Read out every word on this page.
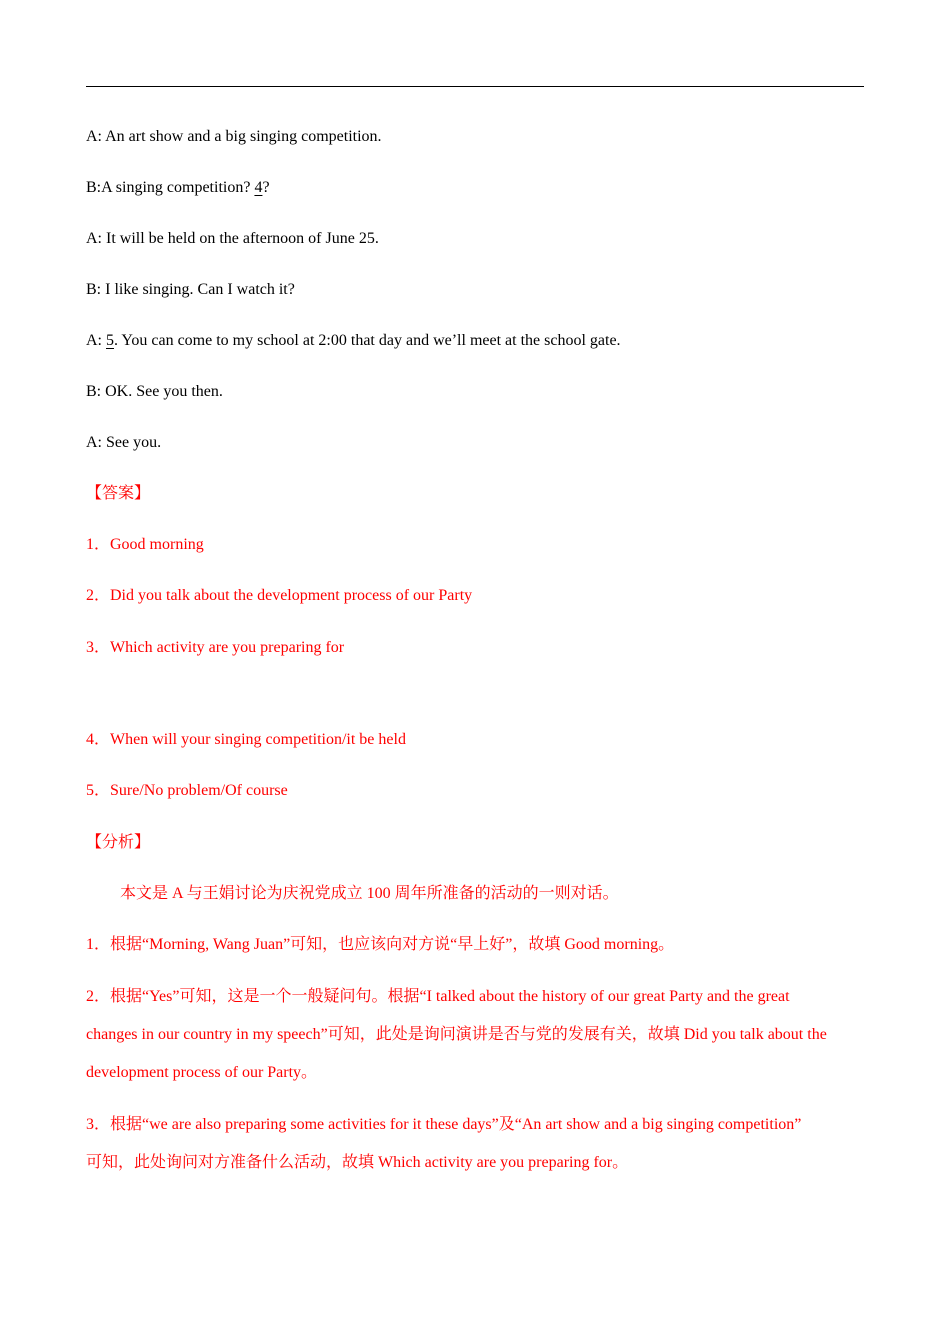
A: An art show and a big singing competition.
B:A singing competition? 4?
A: It will be held on the afternoon of June 25.
B: I like singing. Can I watch it?
A: 5. You can come to my school at 2:00 that day and we’ll meet at the school gate.
B: OK. See you then.
A: See you.
【答案】
1．Good morning
2．Did you talk about the development process of our Party
3．Which activity are you preparing for
4．When will your singing competition/it be held
5．Sure/No problem/Of course
【分析】
本文是 A 与王娟讨论为庆祝党成立 100 周年所准备的活动的一则对话。
1．根据“Morning, Wang Juan”可知，也应该向对方说“早上好”，故填 Good morning。
2．根据“Yes”可知，这是一个一般疑问句。根据“I talked about the history of our great Party and the great
changes in our country in my speech”可知，此处是询问演讲是否与党的发展有关，故填 Did you talk about the
development process of our Party。
3．根据“we are also preparing some activities for it these days”及“An art show and a big singing competition”
可知，此处询问对方准备什么活动，故填 Which activity are you preparing for。
